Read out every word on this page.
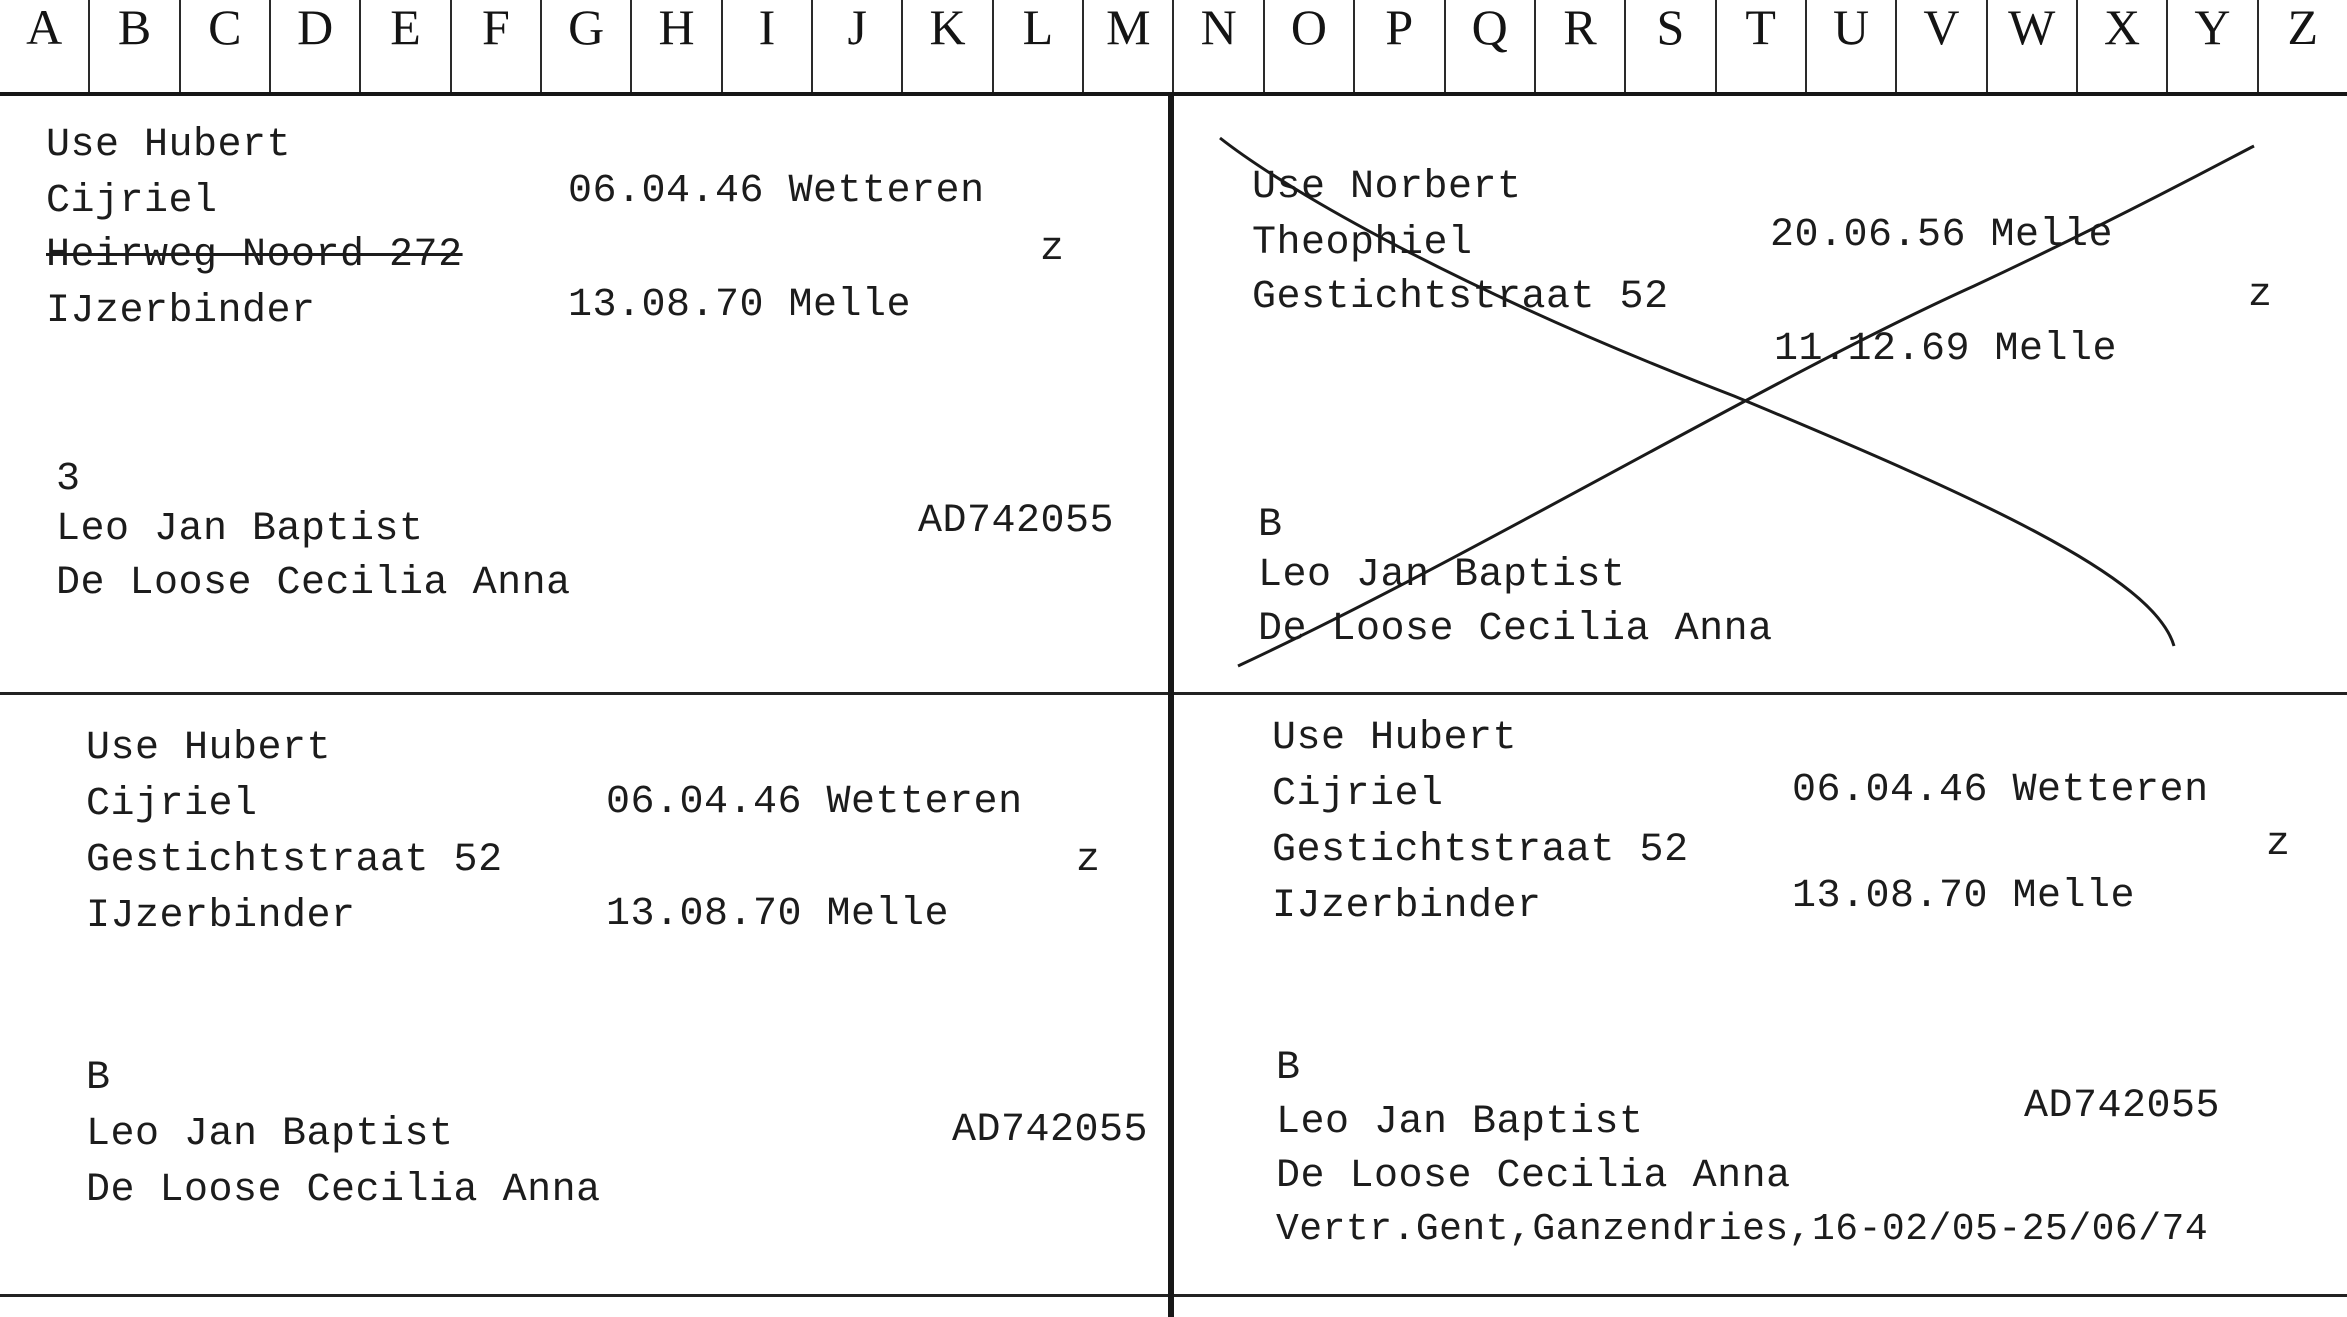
A	B	C	D	E	F	G	H	I	J	K	L	M	N	O	P	Q	R	S	T	U	V W X	Y	Z
Use Hubert
Cijriel
Heirweg Noord 272
IJzerbinder
06.04.46 Wetteren
13.08.70 Melle
z
3
Leo Jan Baptist
De Loose Cecilia Anna
AD742055
Use Norbert
Theophiel
Gestichtstraat 52
20.06.56 Melle
11.12.69 Melle
z
B
Leo Jan Baptist
De Loose Cecilia Anna
Use Hubert
Cijriel
Gestichtstraat 52
IJzerbinder
06.04.46 Wetteren
13.08.70 Melle
z
B
Leo Jan Baptist
De Loose Cecilia Anna
AD742055
Use Hubert
Cijriel
Gestichtstraat 52
IJzerbinder
06.04.46 Wetteren
13.08.70 Melle
z
B
Leo Jan Baptist
De Loose Cecilia Anna
AD742055
Vertr.Gent,Ganzendries,16-02/05-25/06/74
